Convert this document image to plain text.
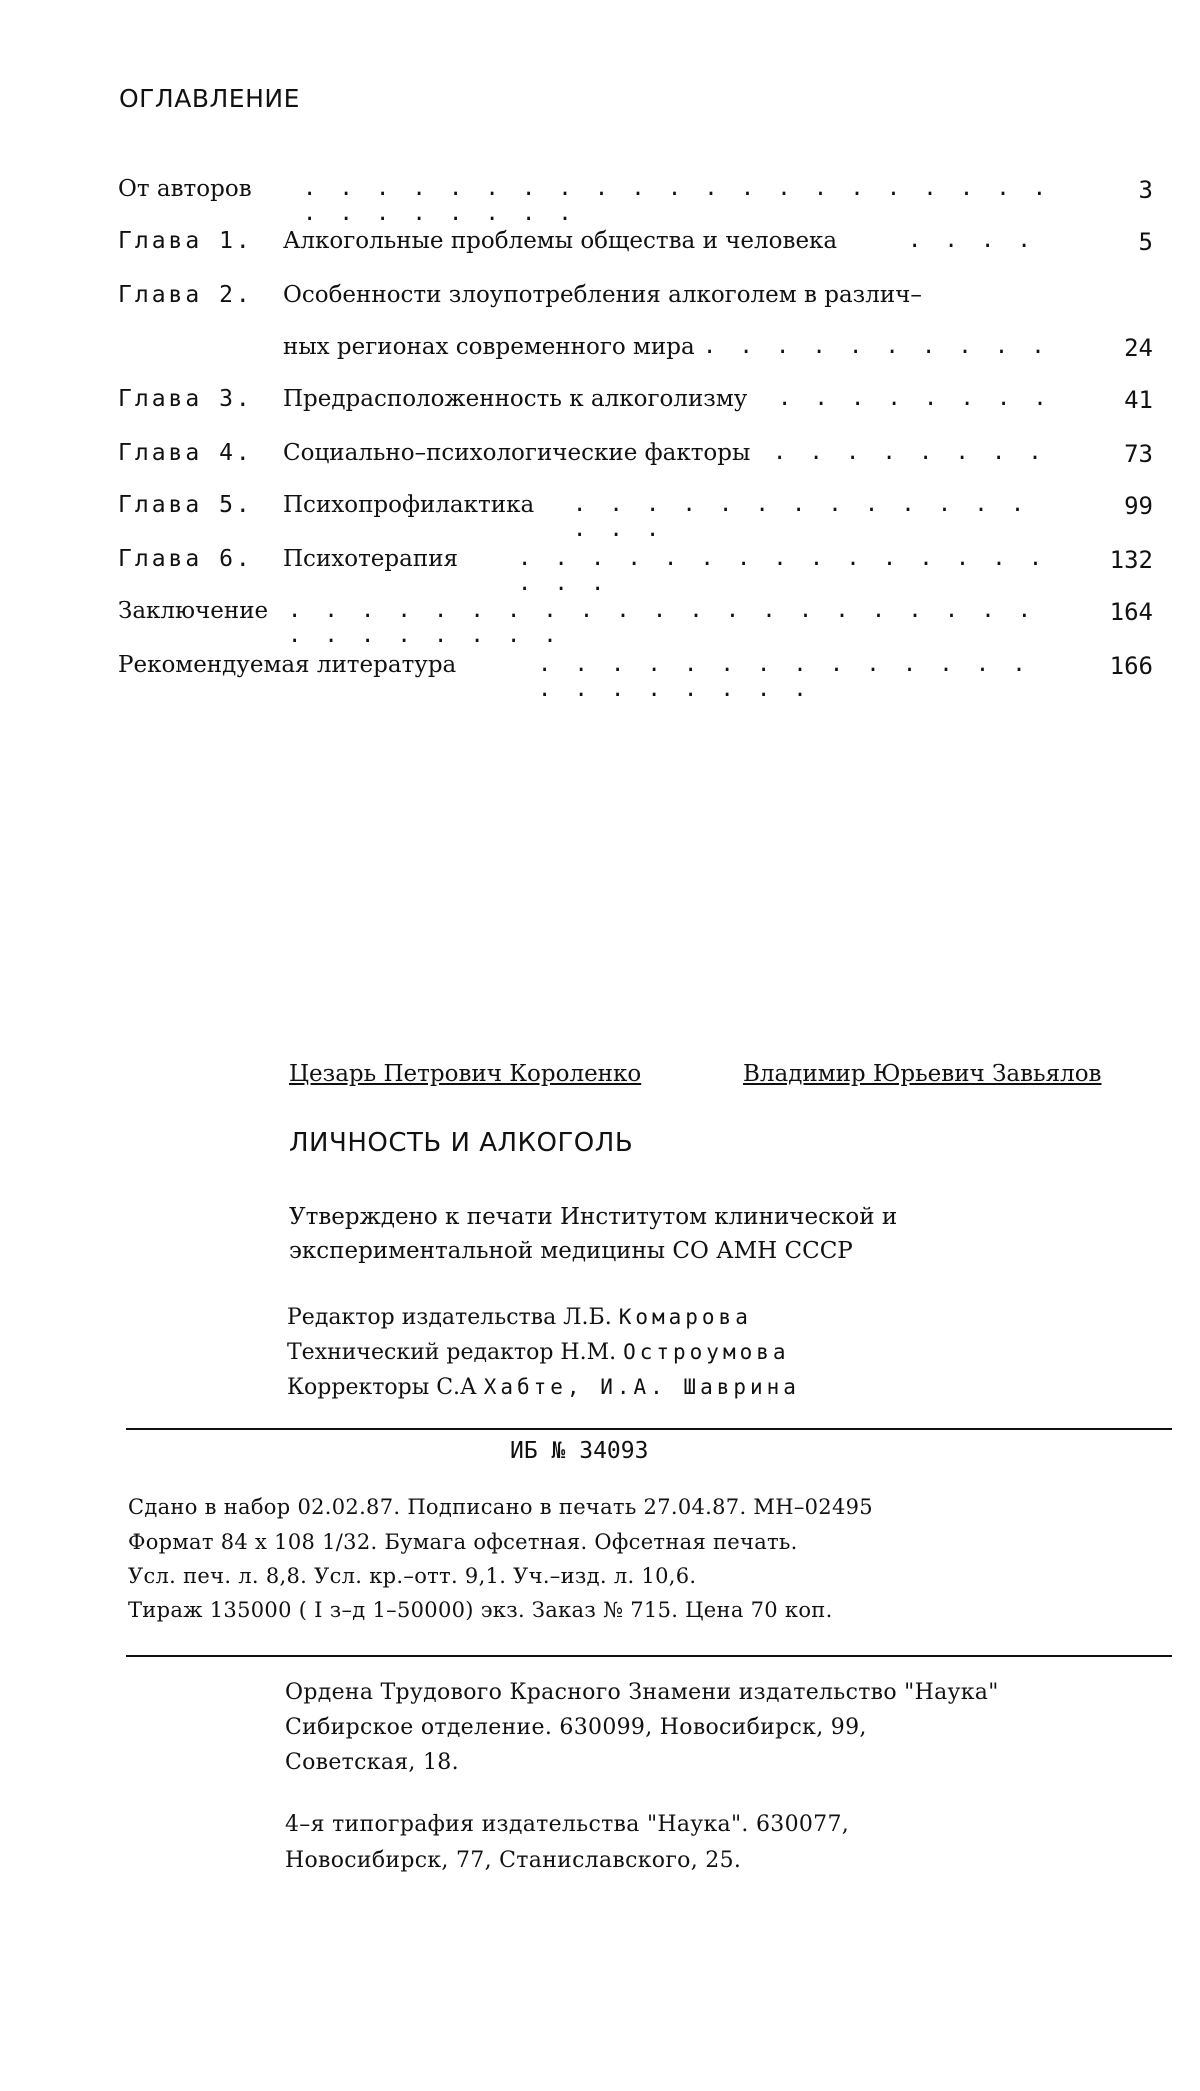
ОГЛАВЛЕНИЕ
От авторов . . . . . . . . . . . . . . . . . . . . . . . . . . . . .
3
Глава 1. Алкогольные проблемы общества и человека	. . . .	5
Глава 2. Особенности злоупотребления алкоголем в различ–
ных регионах современного мира . . . . . . . . . .	24
Глава 3. Предрасположенность к алкоголизму . . . . . . . .	41
Глава 4. Социально–психологические факторы . . . . . . . .	73
Глава 5. Психопрофилактика . . . . . . . . . . . . . . . .
99
Глава 6. Психотерапия	. . . . . . . . . . . . . . . . . .
132
Заключение . . . . . . . . . . . . . . . . . . . . . . . . . . . . .
164
Рекомендуемая литература	. . . . . . . . . . . . . . . . . . . . . .
166
Цезарь Петрович Короленко	Владимир Юрьевич Завьялов
ЛИЧНОСТЬ И АЛКОГОЛЬ
Утверждено к печати Институтом клинической и
экспериментальной медицины СО АМН СССР
Редактор издательства Л.Б. Комарова
Технический редактор Н.М. Остроумова
Корректоры С.А Хабте, И.А. Шаврина
ИБ № 34093
Сдано в набор 02.02.87. Подписано в печать 27.04.87. МН–02495
Формат 84 x 108 1/32. Бумага офсетная. Офсетная печать.
Усл. печ. л. 8,8. Усл. кр.–отт. 9,1. Уч.–изд. л. 10,6.
Тираж 135000 ( I з–д 1–50000) экз. Заказ № 715. Цена 70 коп.
Ордена Трудового Красного Знамени издательство "Наука"
Сибирское отделение. 630099, Новосибирск, 99,
Советская, 18.
4–я типография издательства "Наука". 630077,
Новосибирск, 77, Станиславского, 25.
